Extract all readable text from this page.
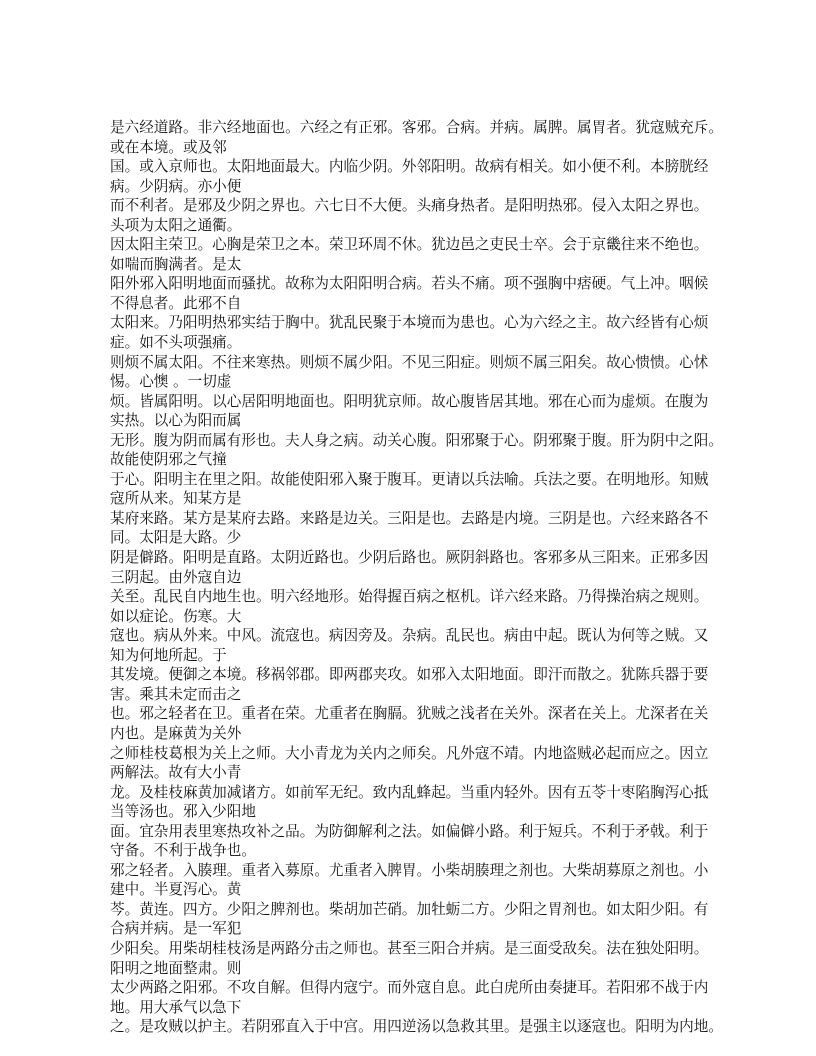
是六经道路。非六经地面也。六经之有正邪。客邪。合病。并病。属脾。属胃者。犹寇贼充斥。
或在本境。或及邻
国。或入京师也。太阳地面最大。内临少阴。外邻阳明。故病有相关。如小便不利。本膀胱经
病。少阴病。亦小便
而不利者。是邪及少阴之界也。六七日不大便。头痛身热者。是阳明热邪。侵入太阳之界也。
头项为太阳之通衢。
因太阳主荣卫。心胸是荣卫之本。荣卫环周不休。犹边邑之吏民士卒。会于京畿往来不绝也。
如喘而胸满者。是太
阳外邪入阳明地面而骚扰。故称为太阳阳明合病。若头不痛。项不强胸中痞硬。气上冲。咽候
不得息者。此邪不自
太阳来。乃阳明热邪实结于胸中。犹乱民聚于本境而为患也。心为六经之主。故六经皆有心烦
症。如不头项强痛。
则烦不属太阳。不往来寒热。则烦不属少阳。不见三阳症。则烦不属三阳矣。故心愦愦。心怵
惕。心懊 。一切虚
烦。皆属阳明。以心居阳明地面也。阳明犹京师。故心腹皆居其地。邪在心而为虚烦。在腹为
实热。以心为阳而属
无形。腹为阴而属有形也。夫人身之病。动关心腹。阳邪聚于心。阴邪聚于腹。肝为阴中之阳。
故能使阴邪之气撞
于心。阳明主在里之阳。故能使阳邪入聚于腹耳。更请以兵法喻。兵法之要。在明地形。知贼
寇所从来。知某方是
某府来路。某方是某府去路。来路是边关。三阳是也。去路是内境。三阴是也。六经来路各不
同。太阳是大路。少
阴是僻路。阳明是直路。太阴近路也。少阴后路也。厥阴斜路也。客邪多从三阳来。正邪多因
三阴起。由外寇自边
关至。乱民自内地生也。明六经地形。始得握百病之枢机。详六经来路。乃得操治病之规则。
如以症论。伤寒。大
寇也。病从外来。中风。流寇也。病因旁及。杂病。乱民也。病由中起。既认为何等之贼。又
知为何地所起。于
其发境。便御之本境。移祸邻郡。即两郡夹攻。如邪入太阳地面。即汗而散之。犹陈兵器于要
害。乘其未定而击之
也。邪之轻者在卫。重者在荣。尤重者在胸膈。犹贼之浅者在关外。深者在关上。尤深者在关
内也。是麻黄为关外
之师桂枝葛根为关上之师。大小青龙为关内之师矣。凡外寇不靖。内地盗贼必起而应之。因立
两解法。故有大小青
龙。及桂枝麻黄加减诸方。如前军无纪。致内乱蜂起。当重内轻外。因有五苓十枣陷胸泻心抵
当等汤也。邪入少阳地
面。宜杂用表里寒热攻补之品。为防御解利之法。如偏僻小路。利于短兵。不利于矛戟。利于
守备。不利于战争也。
邪之轻者。入腠理。重者入募原。尤重者入脾胃。小柴胡腠理之剂也。大柴胡募原之剂也。小
建中。半夏泻心。黄
芩。黄连。四方。少阳之脾剂也。柴胡加芒硝。加牡蛎二方。少阳之胃剂也。如太阳少阳。有
合病并病。是一军犯
少阳矣。用柴胡桂枝汤是两路分击之师也。甚至三阳合并病。是三面受敌矣。法在独处阳明。
阳明之地面整肃。则
太少两路之阳邪。不攻自解。但得内寇宁。而外寇自息。此白虎所由奏捷耳。若阳邪不战于内
地。用大承气以急下
之。是攻贼以护主。若阴邪直入于中宫。用四逆汤以急救其里。是强主以逐寇也。阳明为内地。
